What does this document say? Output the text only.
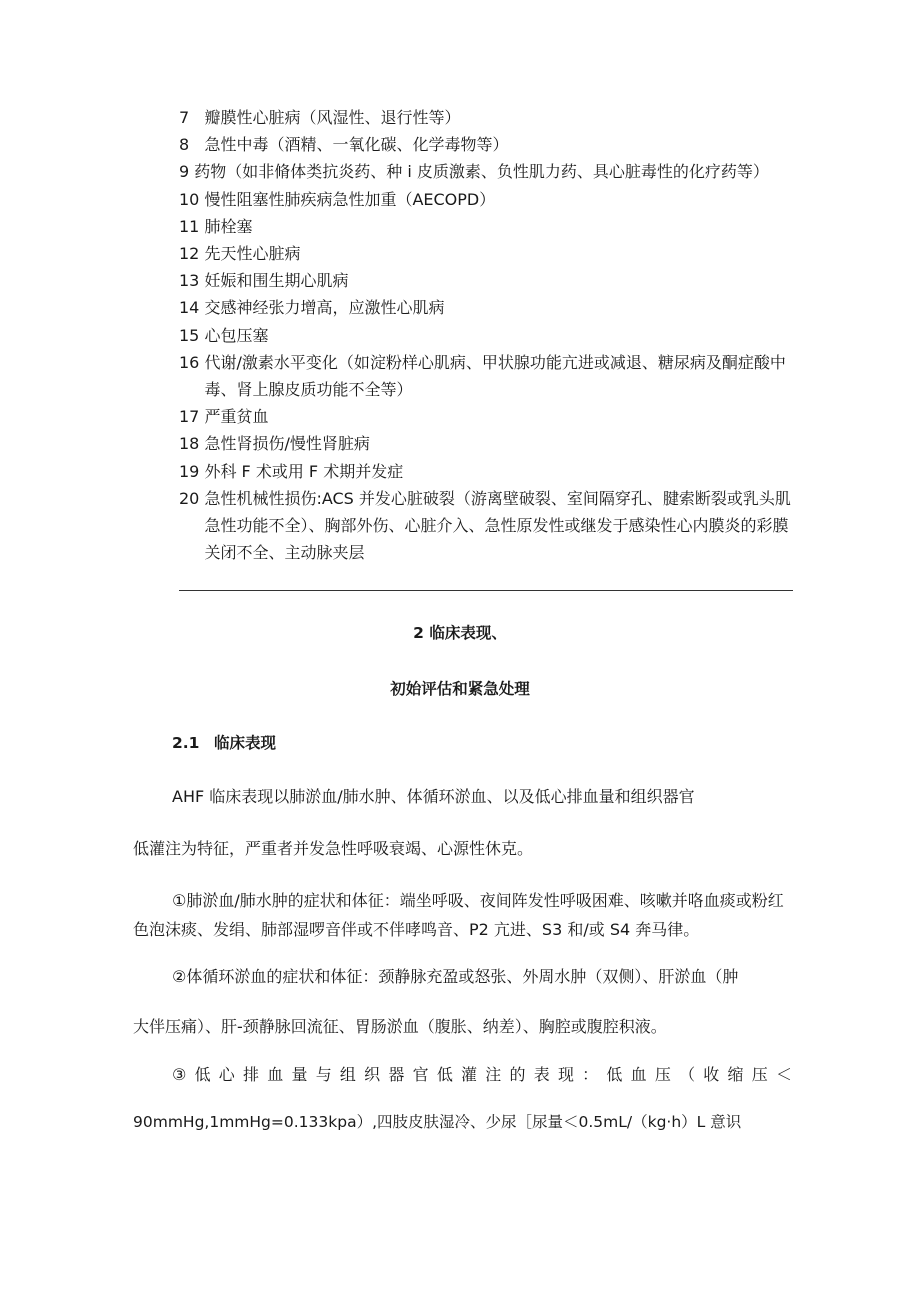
7 瓣膜性心脏病（风湿性、退行性等）
8 急性中毒（酒精、一氧化碳、化学毒物等）
9 药物（如非脩体类抗炎药、种 i 皮质激素、负性肌力药、具心脏毒性的化疗药等）
10 慢性阻塞性肺疾病急性加重（AECOPD）
11 肺栓塞
12 先天性心脏病
13 妊娠和围生期心肌病
14 交感神经张力增高，应激性心肌病
15 心包压塞
16 代谢/激素水平变化（如淀粉样心肌病、甲状腺功能亢进或减退、糖尿病及酮症酸中毒、肾上腺皮质功能不全等）
17 严重贫血
18 急性肾损伤/慢性肾脏病
19 外科 F 术或用 F 术期并发症
20 急性机械性损伤:ACS 并发心脏破裂（游离壁破裂、室间隔穿孔、腱索断裂或乳头肌急性功能不全）、胸部外伤、心脏介入、急性原发性或继发于感染性心内膜炎的彩膜关闭不全、主动脉夹层
2 临床表现、
初始评估和紧急处理
2.1 临床表现

AHF 临床表现以肺淤血/肺水肿、体循环淤血、以及低心排血量和组织器官

低灌注为特征，严重者并发急性呼吸衰竭、心源性休克。

①肺淤血/肺水肿的症状和体征：端坐呼吸、夜间阵发性呼吸困难、咳嗽并咯血痰或粉红色泡沫痰、发绢、肺部湿啰音伴或不伴哮鸣音、P2 亢进、S3 和/或 S4 奔马律。

②体循环淤血的症状和体征：颈静脉充盈或怒张、外周水肿（双侧）、肝淤血（肿

大伴压痛）、肝-颈静脉回流征、胃肠淤血（腹胀、纳差）、胸腔或腹腔积液。

③低心排血量与组织器官低灌注的表现：低血压（收缩压＜

90mmHg,1mmHg=0.133kpa）,四肢皮肤湿冷、少尿［尿量＜0.5mL/（kg·h）L 意识
